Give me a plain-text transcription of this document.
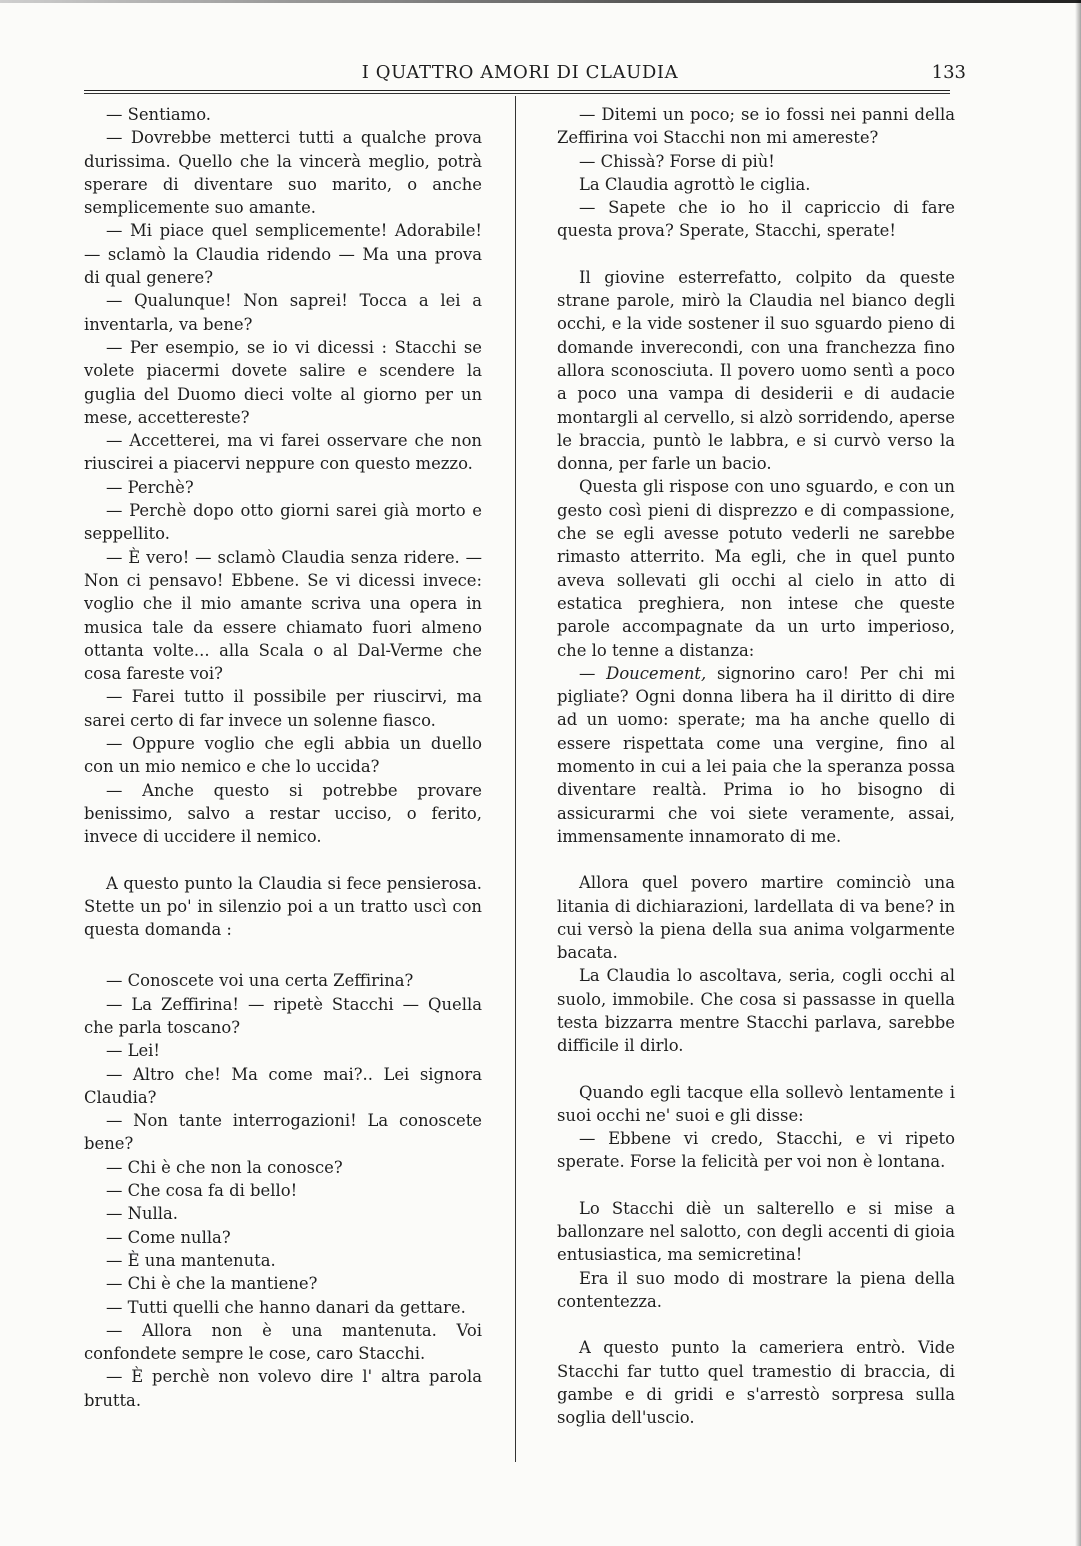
I QUATTRO AMORI DI CLAUDIA	133

— Sentiamo.

— Dovrebbe metterci tutti a qualche prova durissima. Quello che la vincerà meglio, potrà sperare di diventare suo marito, o anche semplicemente suo amante.

— Mi piace quel semplicemente! Adorabile! — sclamò la Claudia ridendo — Ma una prova di qual genere?

— Qualunque! Non saprei! Tocca a lei a inventarla, va bene?

— Per esempio, se io vi dicessi : Stacchi se volete piacermi dovete salire e scendere la guglia del Duomo dieci volte al giorno per un mese, accettereste?

— Accetterei, ma vi farei osservare che non riuscirei a piacervi neppure con questo mezzo.

— Perchè?

— Perchè dopo otto giorni sarei già morto e seppellito.

— È vero! — sclamò Claudia senza ridere. — Non ci pensavo! Ebbene. Se vi dicessi invece: voglio che il mio amante scriva una opera in musica tale da essere chiamato fuori almeno ottanta volte... alla Scala o al Dal-Verme che cosa fareste voi?

— Farei tutto il possibile per riuscirvi, ma sarei certo di far invece un solenne fiasco.

— Oppure voglio che egli abbia un duello con un mio nemico e che lo uccida?

— Anche questo si potrebbe provare benissimo, salvo a restar ucciso, o ferito, invece di uccidere il nemico.

A questo punto la Claudia si fece pensierosa. Stette un po' in silenzio poi a un tratto uscì con questa domanda :

— Conoscete voi una certa Zeffirina?

— La Zeffirina! — ripetè Stacchi — Quella che parla toscano?

— Lei!

— Altro che! Ma come mai?.. Lei signora Claudia?

— Non tante interrogazioni! La conoscete bene?

— Chi è che non la conosce?

— Che cosa fa di bello!

— Nulla.

— Come nulla?

— È una mantenuta.

— Chi è che la mantiene?

— Tutti quelli che hanno danari da gettare.

— Allora non è una mantenuta. Voi confondete sempre le cose, caro Stacchi.

— È perchè non volevo dire l' altra parola brutta.

— Ditemi un poco; se io fossi nei panni della Zeffirina voi Stacchi non mi amereste?

— Chissà? Forse di più!

La Claudia agrottò le ciglia.

— Sapete che io ho il capriccio di fare questa prova? Sperate, Stacchi, sperate!

Il giovine esterrefatto, colpito da queste strane parole, mirò la Claudia nel bianco degli occhi, e la vide sostener il suo sguardo pieno di domande inverecondi, con una franchezza fino allora sconosciuta. Il povero uomo sentì a poco a poco una vampa di desiderii e di audacie montargli al cervello, si alzò sorridendo, aperse le braccia, puntò le labbra, e si curvò verso la donna, per farle un bacio.

Questa gli rispose con uno sguardo, e con un gesto così pieni di disprezzo e di compassione, che se egli avesse potuto vederli ne sarebbe rimasto atterrito. Ma egli, che in quel punto aveva sollevati gli occhi al cielo in atto di estatica preghiera, non intese che queste parole accompagnate da un urto imperioso, che lo tenne a distanza:

— Doucement, signorino caro! Per chi mi pigliate? Ogni donna libera ha il diritto di dire ad un uomo: sperate; ma ha anche quello di essere rispettata come una vergine, fino al momento in cui a lei paia che la speranza possa diventare realtà. Prima io ho bisogno di assicurarmi che voi siete veramente, assai, immensamente innamorato di me.

Allora quel povero martire cominciò una litania di dichiarazioni, lardellata di va bene? in cui versò la piena della sua anima volgarmente bacata.

La Claudia lo ascoltava, seria, cogli occhi al suolo, immobile. Che cosa si passasse in quella testa bizzarra mentre Stacchi parlava, sarebbe difficile il dirlo.

Quando egli tacque ella sollevò lentamente i suoi occhi ne' suoi e gli disse:

— Ebbene vi credo, Stacchi, e vi ripeto sperate. Forse la felicità per voi non è lontana.

Lo Stacchi diè un salterello e si mise a ballonzare nel salotto, con degli accenti di gioia entusiastica, ma semicretina!

Era il suo modo di mostrare la piena della contentezza.

A questo punto la cameriera entrò. Vide Stacchi far tutto quel tramestio di braccia, di gambe e di gridi e s'arrestò sorpresa sulla soglia dell'uscio.
